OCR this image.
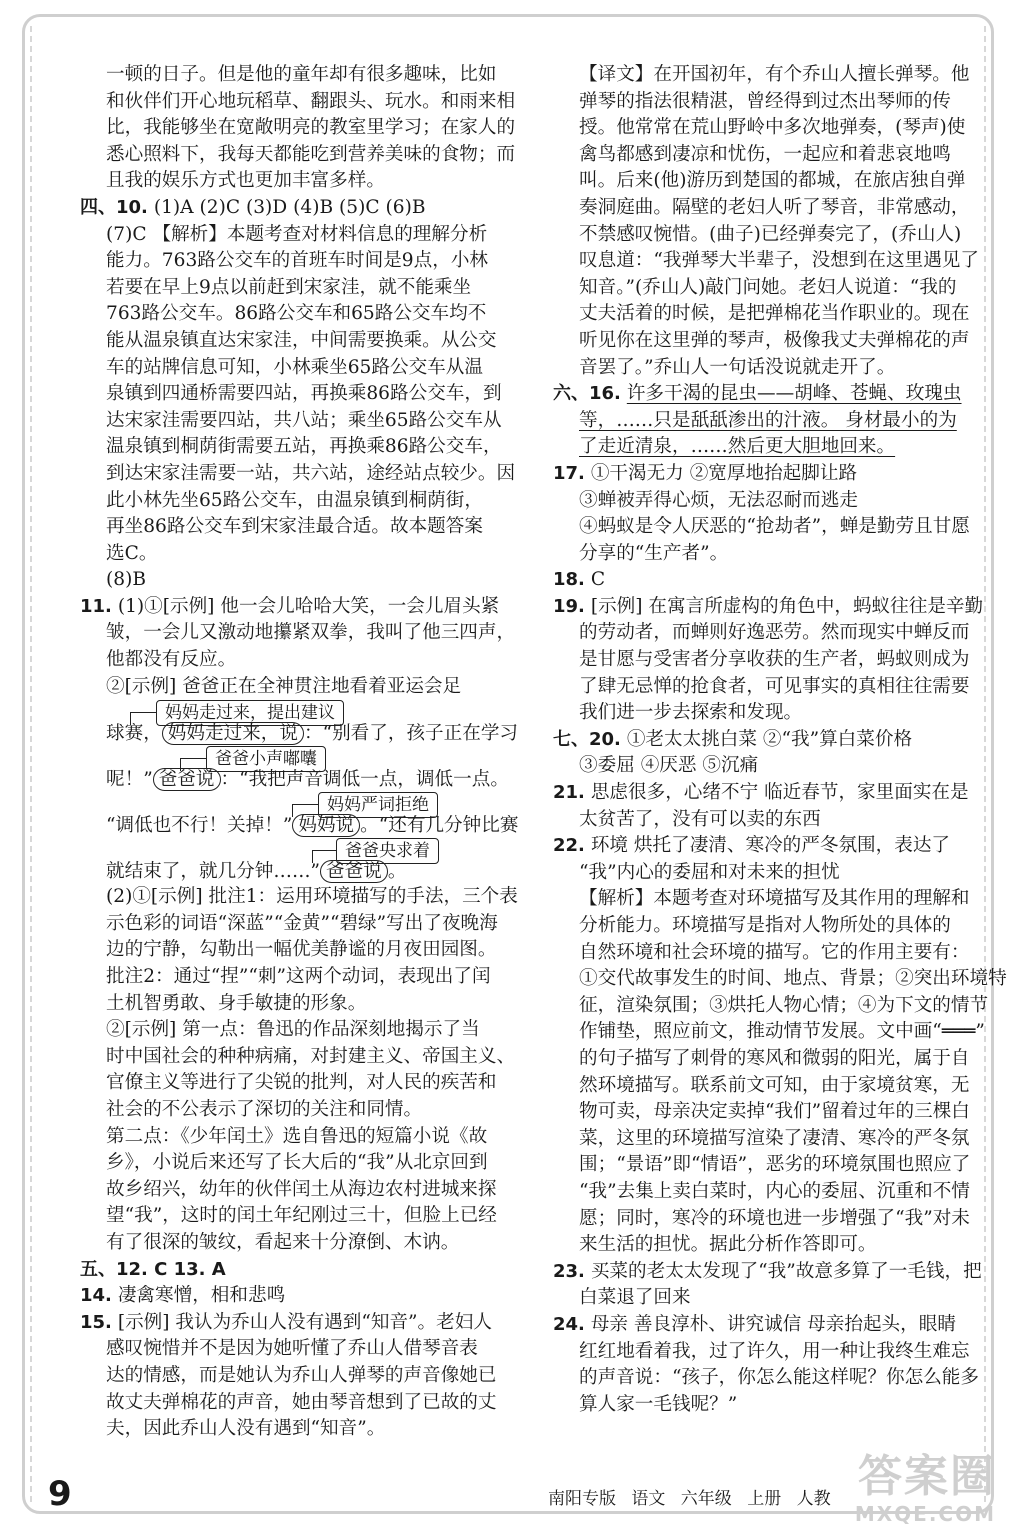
一顿的日子。但是他的童年却有很多趣味，比如
和伙伴们开心地玩稻草、翻跟头、玩水。和雨来相
比，我能够坐在宽敞明亮的教室里学习；在家人的
悉心照料下，我每天都能吃到营养美味的食物；而
且我的娱乐方式也更加丰富多样。
四、10. (1)A (2)C (3)D (4)B (5)C (6)B
(7)C 【解析】本题考查对材料信息的理解分析
能力。763路公交车的首班车时间是9点，小林
若要在早上9点以前赶到宋家洼，就不能乘坐
763路公交车。86路公交车和65路公交车均不
能从温泉镇直达宋家洼，中间需要换乘。从公交
车的站牌信息可知，小林乘坐65路公交车从温
泉镇到四通桥需要四站，再换乘86路公交车，到
达宋家洼需要四站，共八站；乘坐65路公交车从
温泉镇到桐荫街需要五站，再换乘86路公交车，
到达宋家洼需要一站，共六站，途经站点较少。因
此小林先坐65路公交车，由温泉镇到桐荫街，
再坐86路公交车到宋家洼最合适。故本题答案
选C。
(8)B
11. (1)①[示例] 他一会儿哈哈大笑，一会儿眉头紧
皱，一会儿又激动地攥紧双拳，我叫了他三四声，
他都没有反应。
②[示例] 爸爸正在全神贯注地看着亚运会足
妈妈走过来，提出建议
球赛， 妈妈走过来，说 ：“别看了，孩子正在学习
爸爸小声嘟囔
呢！” 爸爸说 ：“我把声音调低一点，调低一点。
妈妈严词拒绝
“调低也不行！关掉！” 妈妈说 。“还有几分钟比赛
爸爸央求着
就结束了，就几分钟……” 爸爸说 。
(2)①[示例] 批注1：运用环境描写的手法，三个表
示色彩的词语“深蓝”“金黄”“碧绿”写出了夜晚海
边的宁静，勾勒出一幅优美静谧的月夜田园图。
批注2：通过“捏”“刺”这两个动词，表现出了闰
土机智勇敢、身手敏捷的形象。
②[示例] 第一点：鲁迅的作品深刻地揭示了当
时中国社会的种种病痛，对封建主义、帝国主义、
官僚主义等进行了尖锐的批判，对人民的疾苦和
社会的不公表示了深切的关注和同情。
第二点：《少年闰土》选自鲁迅的短篇小说《故
乡》，小说后来还写了长大后的“我”从北京回到
故乡绍兴，幼年的伙伴闰土从海边农村进城来探
望“我”，这时的闰土年纪刚过三十，但脸上已经
有了很深的皱纹，看起来十分潦倒、木讷。
五、12. C 13. A
14. 凄禽寒憎，相和悲鸣
15. [示例] 我认为乔山人没有遇到“知音”。老妇人
感叹惋惜并不是因为她听懂了乔山人借琴音表
达的情感，而是她认为乔山人弹琴的声音像她已
故丈夫弹棉花的声音，她由琴音想到了已故的丈
夫，因此乔山人没有遇到“知音”。
【译文】在开国初年，有个乔山人擅长弹琴。他
弹琴的指法很精湛，曾经得到过杰出琴师的传
授。他常常在荒山野岭中多次地弹奏，(琴声)使
禽鸟都感到凄凉和忧伤，一起应和着悲哀地鸣
叫。后来(他)游历到楚国的都城，在旅店独自弹
奏洞庭曲。隔壁的老妇人听了琴音，非常感动，
不禁感叹惋惜。(曲子)已经弹奏完了，(乔山人)
叹息道：“我弹琴大半辈子，没想到在这里遇见了
知音。”(乔山人)敲门问她。老妇人说道：“我的
丈夫活着的时候，是把弹棉花当作职业的。现在
听见你在这里弹的琴声，极像我丈夫弹棉花的声
音罢了。”乔山人一句话没说就走开了。
六、16. 许多干渴的昆虫——胡峰、苍蝇、玫瑰虫
等，……只是舐舐渗出的汁液。 身材最小的为
了走近清泉，……然后更大胆地回来。
17. ①干渴无力 ②宽厚地抬起脚让路
③蝉被弄得心烦，无法忍耐而逃走
④蚂蚁是令人厌恶的“抢劫者”，蝉是勤劳且甘愿
分享的“生产者”。
18. C
19. [示例] 在寓言所虚构的角色中，蚂蚁往往是辛勤
的劳动者，而蝉则好逸恶劳。然而现实中蝉反而
是甘愿与受害者分享收获的生产者，蚂蚁则成为
了肆无忌惮的抢食者，可见事实的真相往往需要
我们进一步去探索和发现。
七、20. ①老太太挑白菜 ②“我”算白菜价格
③委屈 ④厌恶 ⑤沉痛
21. 思虑很多，心绪不宁 临近春节，家里面实在是
太贫苦了，没有可以卖的东西
22. 环境 烘托了凄清、寒冷的严冬氛围，表达了
“我”内心的委屈和对未来的担忧
【解析】本题考查对环境描写及其作用的理解和
分析能力。环境描写是指对人物所处的具体的
自然环境和社会环境的描写。它的作用主要有：
①交代故事发生的时间、地点、背景；②突出环境特
征，渲染氛围；③烘托人物心情；④为下文的情节
作铺垫，照应前文，推动情节发展。文中画“═══”
的句子描写了刺骨的寒风和微弱的阳光，属于自
然环境描写。联系前文可知，由于家境贫寒，无
物可卖，母亲决定卖掉“我们”留着过年的三棵白
菜，这里的环境描写渲染了凄清、寒冷的严冬氛
围；“景语”即“情语”，恶劣的环境氛围也照应了
“我”去集上卖白菜时，内心的委屈、沉重和不情
愿；同时，寒冷的环境也进一步增强了“我”对未
来生活的担忧。据此分析作答即可。
23. 买菜的老太太发现了“我”故意多算了一毛钱，把
白菜退了回来
24. 母亲 善良淳朴、讲究诚信 母亲抬起头，眼睛
红红地看着我，过了许久，用一种让我终生难忘
的声音说：“孩子，你怎么能这样呢？你怎么能多
算人家一毛钱呢？”
9	南阳专版 语文 六年级 上册 人教 答案圈
MXQE.COM
